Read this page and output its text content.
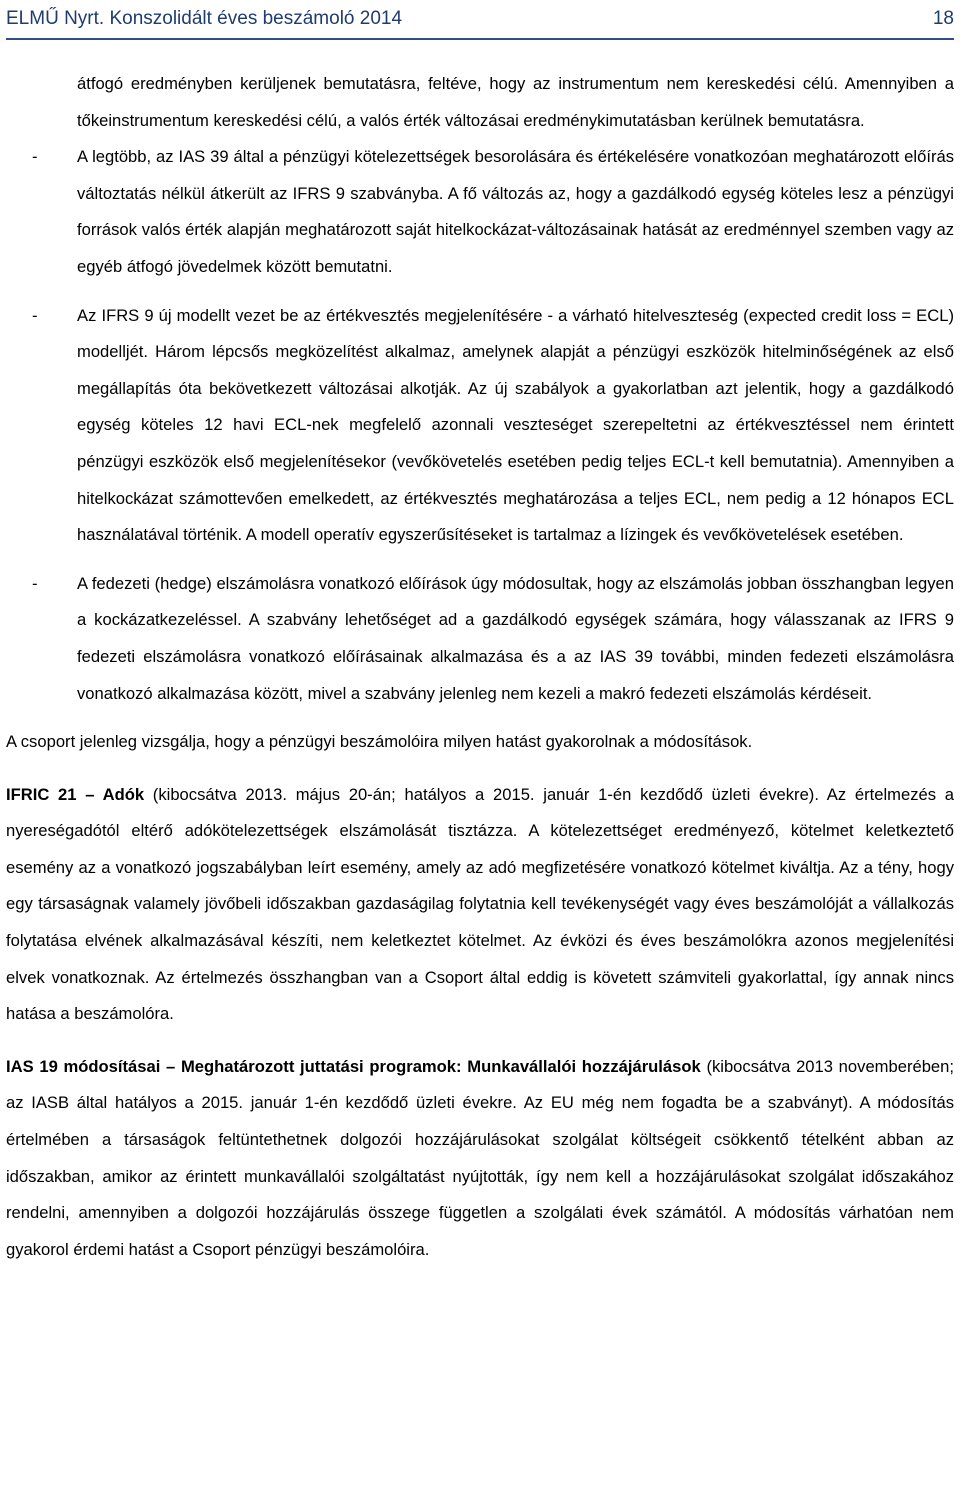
ELMŰ Nyrt. Konszolidált éves beszámoló 2014	18

átfogó eredményben kerüljenek bemutatásra, feltéve, hogy az instrumentum nem kereskedési célú. Amennyiben a tőkeinstrumentum kereskedési célú, a valós érték változásai eredménykimutatásban kerülnek bemutatásra.

- A legtöbb, az IAS 39 által a pénzügyi kötelezettségek besorolására és értékelésére vonatkozóan meghatározott előírás változtatás nélkül átkerült az IFRS 9 szabványba. A fő változás az, hogy a gazdálkodó egység köteles lesz a pénzügyi források valós érték alapján meghatározott saját hitelkockázat-változásainak hatását az eredménnyel szemben vagy az egyéb átfogó jövedelmek között bemutatni.

- Az IFRS 9 új modellt vezet be az értékvesztés megjelenítésére - a várható hitelveszteség (expected credit loss = ECL) modelljét. Három lépcsős megközelítést alkalmaz, amelynek alapját a pénzügyi eszközök hitelminőségének az első megállapítás óta bekövetkezett változásai alkotják. Az új szabályok a gyakorlatban azt jelentik, hogy a gazdálkodó egység köteles 12 havi ECL-nek megfelelő azonnali veszteséget szerepeltetni az értékvesztéssel nem érintett pénzügyi eszközök első megjelenítésekor (vevőkövetelés esetében pedig teljes ECL-t kell bemutatnia). Amennyiben a hitelkockázat számottevően emelkedett, az értékvesztés meghatározása a teljes ECL, nem pedig a 12 hónapos ECL használatával történik. A modell operatív egyszerűsítéseket is tartalmaz a lízingek és vevőkövetelések esetében.

- A fedezeti (hedge) elszámolásra vonatkozó előírások úgy módosultak, hogy az elszámolás jobban összhangban legyen a kockázatkezeléssel. A szabvány lehetőséget ad a gazdálkodó egységek számára, hogy válasszanak az IFRS 9 fedezeti elszámolásra vonatkozó előírásainak alkalmazása és a az IAS 39 további, minden fedezeti elszámolásra vonatkozó alkalmazása között, mivel a szabvány jelenleg nem kezeli a makró fedezeti elszámolás kérdéseit.

A csoport jelenleg vizsgálja, hogy a pénzügyi beszámolóira milyen hatást gyakorolnak a módosítások.

IFRIC 21 – Adók (kibocsátva 2013. május 20-án; hatályos a 2015. január 1-én kezdődő üzleti évekre). Az értelmezés a nyereségadótól eltérő adókötelezettségek elszámolását tisztázza. A kötelezettséget eredményező, kötelmet keletkeztető esemény az a vonatkozó jogszabályban leírt esemény, amely az adó megfizetésére vonatkozó kötelmet kiváltja. Az a tény, hogy egy társaságnak valamely jövőbeli időszakban gazdaságilag folytatnia kell tevékenységét vagy éves beszámolóját a vállalkozás folytatása elvének alkalmazásával készíti, nem keletkeztet kötelmet. Az évközi és éves beszámolókra azonos megjelenítési elvek vonatkoznak. Az értelmezés összhangban van a Csoport által eddig is követett számviteli gyakorlattal, így annak nincs hatása a beszámolóra.

IAS 19 módosításai – Meghatározott juttatási programok: Munkavállalói hozzájárulások (kibocsátva 2013 novemberében; az IASB által hatályos a 2015. január 1-én kezdődő üzleti évekre. Az EU még nem fogadta be a szabványt). A módosítás értelmében a társaságok feltüntethetnek dolgozói hozzájárulásokat szolgálat költségeit csökkentő tételként abban az időszakban, amikor az érintett munkavállalói szolgáltatást nyújtották, így nem kell a hozzájárulásokat szolgálat időszakához rendelni, amennyiben a dolgozói hozzájárulás összege független a szolgálati évek számától. A módosítás várhatóan nem gyakorol érdemi hatást a Csoport pénzügyi beszámolóira.
